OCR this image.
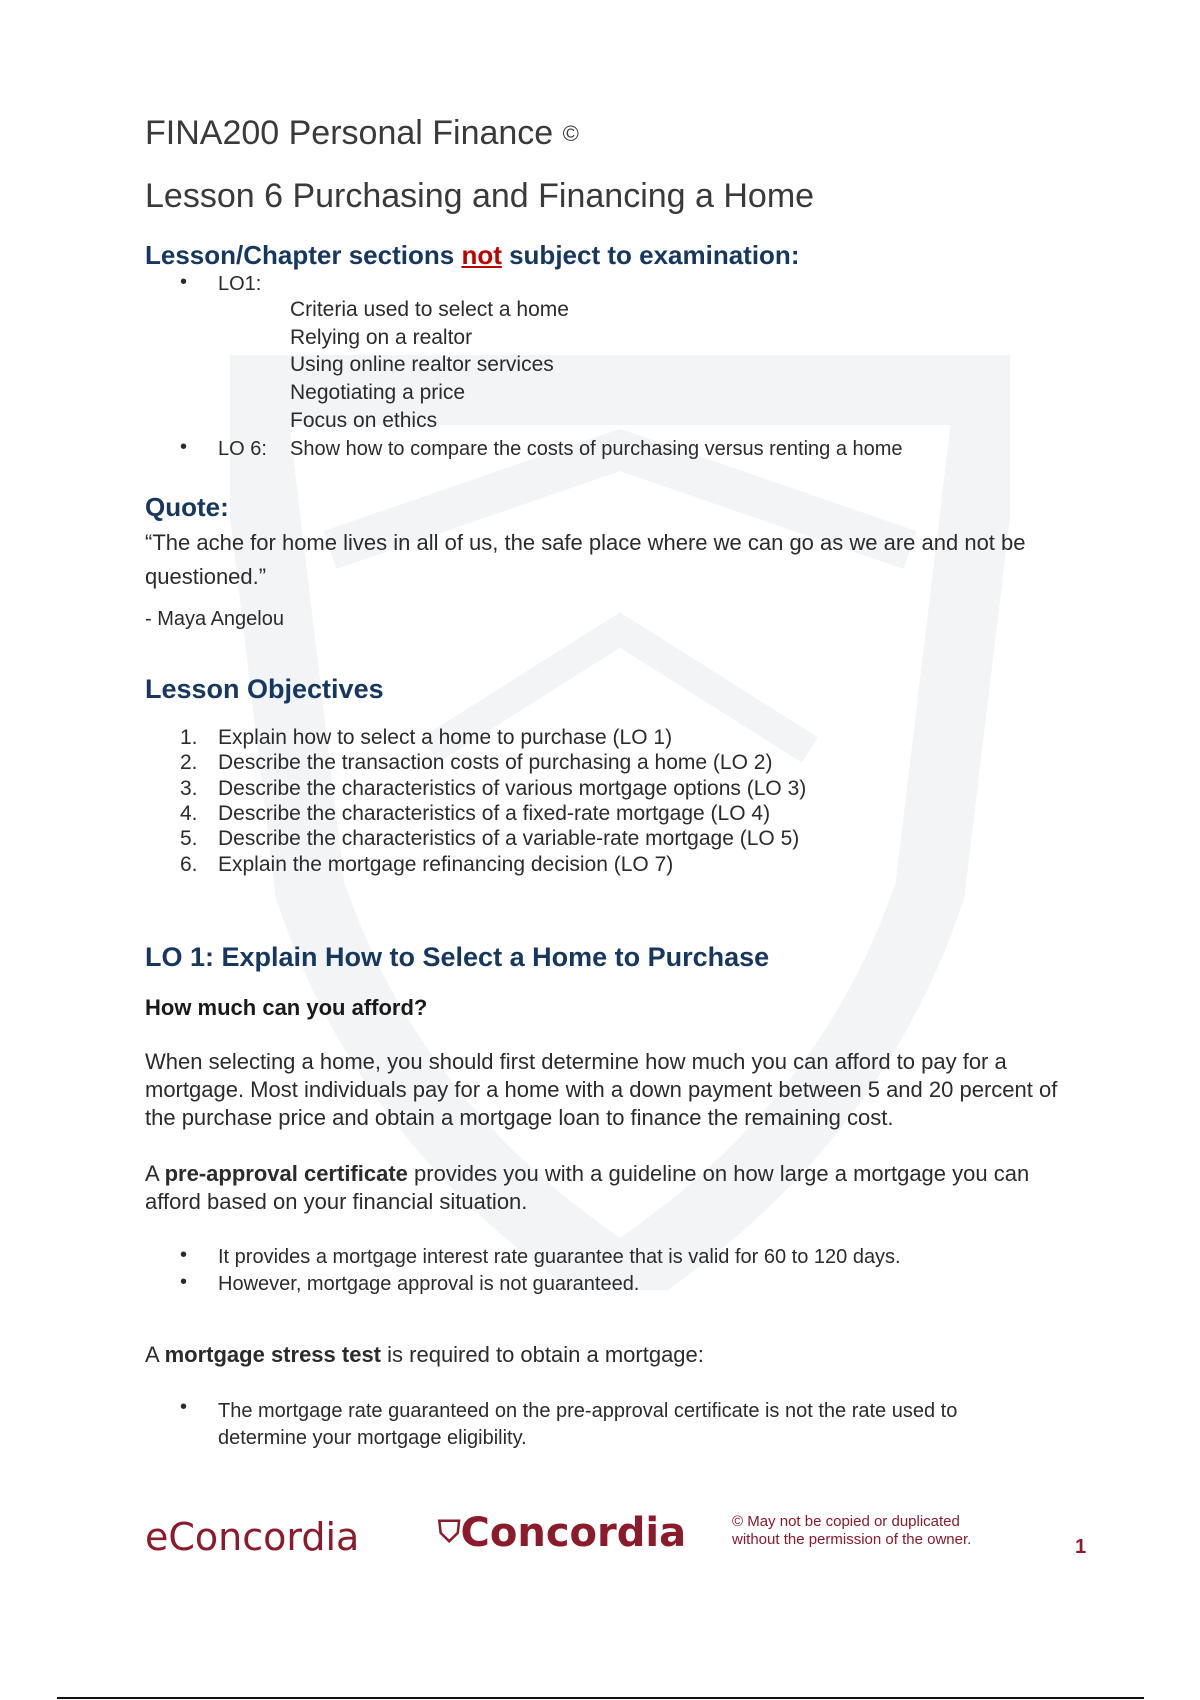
FINA200 Personal Finance ©
Lesson 6 Purchasing and Financing a Home
Lesson/Chapter sections not subject to examination:
• LO1:
Criteria used to select a home
Relying on a realtor
Using online realtor services
Negotiating a price
Focus on ethics
• LO 6: Show how to compare the costs of purchasing versus renting a home
Quote:

“The ache for home lives in all of us, the safe place where we can go as we are and not be questioned.”

- Maya Angelou
Lesson Objectives
1. Explain how to select a home to purchase (LO 1)
2. Describe the transaction costs of purchasing a home (LO 2)
3. Describe the characteristics of various mortgage options (LO 3)
4. Describe the characteristics of a fixed-rate mortgage (LO 4)
5. Describe the characteristics of a variable-rate mortgage (LO 5)
6. Explain the mortgage refinancing decision (LO 7)
LO 1: Explain How to Select a Home to Purchase
How much can you afford?

When selecting a home, you should first determine how much you can afford to pay for a mortgage. Most individuals pay for a home with a down payment between 5 and 20 percent of the purchase price and obtain a mortgage loan to finance the remaining cost.

A pre-approval certificate provides you with a guideline on how large a mortgage you can afford based on your financial situation.

• It provides a mortgage interest rate guarantee that is valid for 60 to 120 days.
• However, mortgage approval is not guaranteed.

A mortgage stress test is required to obtain a mortgage:

• The mortgage rate guaranteed on the pre-approval certificate is not the rate used to determine your mortgage eligibility.
eConcordia	⛉Concordia	© May not be copied or duplicated
without the permission of the owner.	1
